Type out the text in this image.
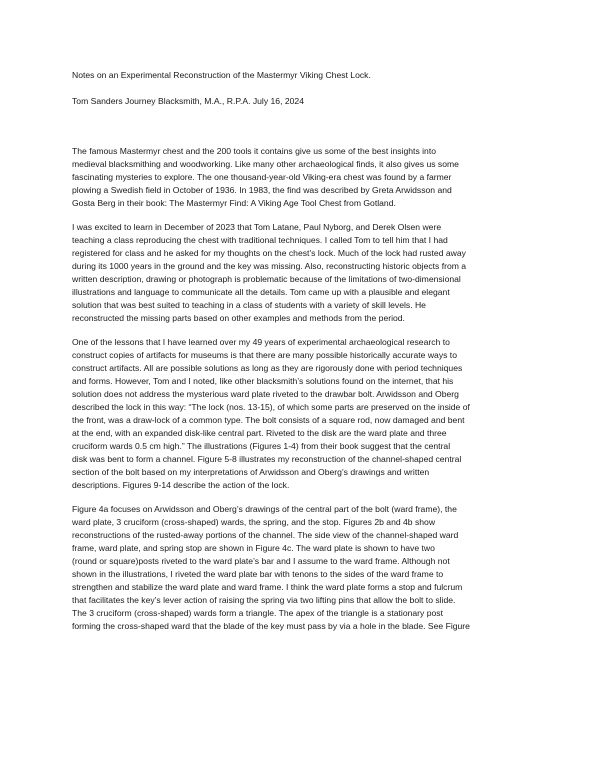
Notes on an Experimental Reconstruction of the Mastermyr Viking Chest Lock.
Tom Sanders Journey Blacksmith, M.A., R.P.A. July 16, 2024

The famous Mastermyr chest and the 200 tools it contains give us some of the best insights into
medieval blacksmithing and woodworking. Like many other archaeological finds, it also gives us some
fascinating mysteries to explore. The one thousand-year-old Viking-era chest was found by a farmer
plowing a Swedish field in October of 1936. In 1983, the find was described by Greta Arwidsson and
Gosta Berg in their book: The Mastermyr Find: A Viking Age Tool Chest from Gotland.

I was excited to learn in December of 2023 that Tom Latane, Paul Nyborg, and Derek Olsen were
teaching a class reproducing the chest with traditional techniques. I called Tom to tell him that I had
registered for class and he asked for my thoughts on the chest’s lock. Much of the lock had rusted away
during its 1000 years in the ground and the key was missing. Also, reconstructing historic objects from a
written description, drawing or photograph is problematic because of the limitations of two-dimensional
illustrations and language to communicate all the details. Tom came up with a plausible and elegant
solution that was best suited to teaching in a class of students with a variety of skill levels. He
reconstructed the missing parts based on other examples and methods from the period.

One of the lessons that I have learned over my 49 years of experimental archaeological research to
construct copies of artifacts for museums is that there are many possible historically accurate ways to
construct artifacts. All are possible solutions as long as they are rigorously done with period techniques
and forms. However, Tom and I noted, like other blacksmith’s solutions found on the internet, that his
solution does not address the mysterious ward plate riveted to the drawbar bolt. Arwidsson and Oberg
described the lock in this way: “The lock (nos. 13-15), of which some parts are preserved on the inside of
the front, was a draw-lock of a common type. The bolt consists of a square rod, now damaged and bent
at the end, with an expanded disk-like central part. Riveted to the disk are the ward plate and three
cruciform wards 0.5 cm high.” The illustrations (Figures 1-4) from their book suggest that the central
disk was bent to form a channel. Figure 5-8 illustrates my reconstruction of the channel-shaped central
section of the bolt based on my interpretations of Arwidsson and Oberg’s drawings and written
descriptions. Figures 9-14 describe the action of the lock.

Figure 4a focuses on Arwidsson and Oberg’s drawings of the central part of the bolt (ward frame), the
ward plate, 3 cruciform (cross-shaped) wards, the spring, and the stop. Figures 2b and 4b show
reconstructions of the rusted-away portions of the channel. The side view of the channel-shaped ward
frame, ward plate, and spring stop are shown in Figure 4c. The ward plate is shown to have two
(round or square)posts riveted to the ward plate’s bar and I assume to the ward frame. Although not
shown in the illustrations, I riveted the ward plate bar with tenons to the sides of the ward frame to
strengthen and stabilize the ward plate and ward frame. I think the ward plate forms a stop and fulcrum
that facilitates the key’s lever action of raising the spring via two lifting pins that allow the bolt to slide.
The 3 cruciform (cross-shaped) wards form a triangle. The apex of the triangle is a stationary post
forming the cross-shaped ward that the blade of the key must pass by via a hole in the blade. See Figure
